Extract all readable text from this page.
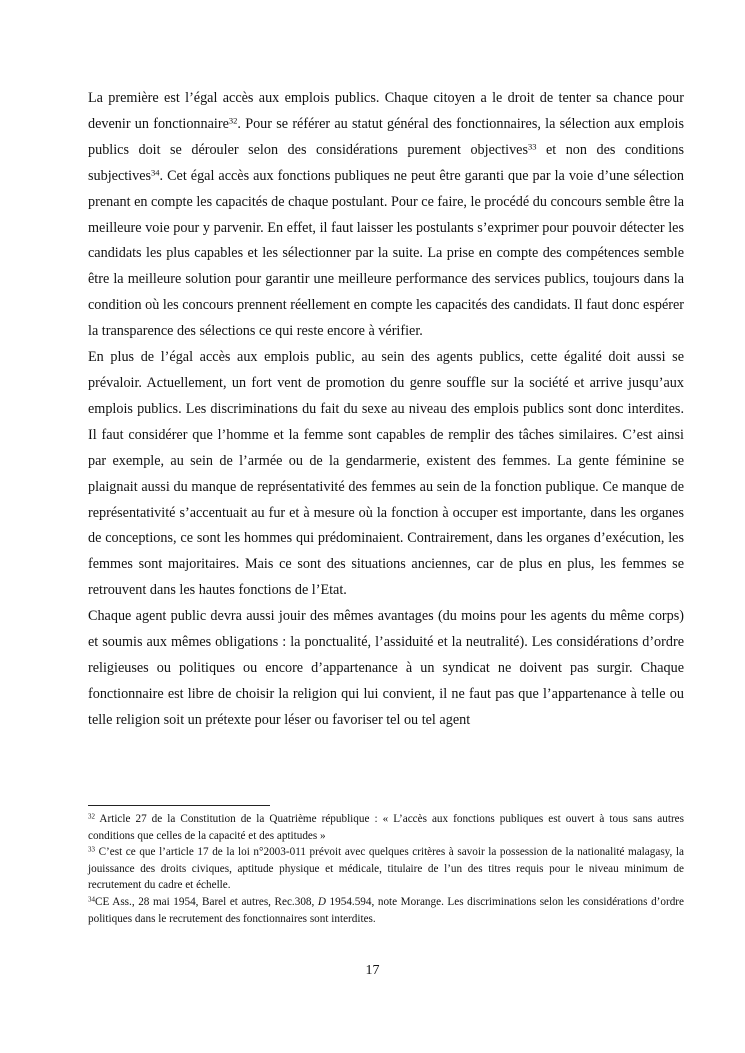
La première est l’égal accès aux emplois publics. Chaque citoyen a le droit de tenter sa chance pour devenir un fonctionnaire$^{32}$. Pour se référer au statut général des fonctionnaires, la sélection aux emplois publics doit se dérouler selon des considérations purement objectives$^{33}$ et non des conditions subjectives$^{34}$. Cet égal accès aux fonctions publiques ne peut être garanti que par la voie d’une sélection prenant en compte les capacités de chaque postulant. Pour ce faire, le procédé du concours semble être la meilleure voie pour y parvenir. En effet, il faut laisser les postulants s’exprimer pour pouvoir détecter les candidats les plus capables et les sélectionner par la suite. La prise en compte des compétences semble être la meilleure solution pour garantir une meilleure performance des services publics, toujours dans la condition où les concours prennent réellement en compte les capacités des candidats. Il faut donc espérer la transparence des sélections ce qui reste encore à vérifier.

En plus de l’égal accès aux emplois public, au sein des agents publics, cette égalité doit aussi se prévaloir. Actuellement, un fort vent de promotion du genre souffle sur la société et arrive jusqu’aux emplois publics. Les discriminations du fait du sexe au niveau des emplois publics sont donc interdites. Il faut considérer que l’homme et la femme sont capables de remplir des tâches similaires. C’est ainsi par exemple, au sein de l’armée ou de la gendarmerie, existent des femmes. La gente féminine se plaignait aussi du manque de représentativité des femmes au sein de la fonction publique. Ce manque de représentativité s’accentuait au fur et à mesure où la fonction à occuper est importante, dans les organes de conceptions, ce sont les hommes qui prédominaient. Contrairement, dans les organes d’exécution, les femmes sont majoritaires. Mais ce sont des situations anciennes, car de plus en plus, les femmes se retrouvent dans les hautes fonctions de l’Etat.

Chaque agent public devra aussi jouir des mêmes avantages (du moins pour les agents du même corps) et soumis aux mêmes obligations : la ponctualité, l’assiduité et la neutralité). Les considérations d’ordre religieuses ou politiques ou encore d’appartenance à un syndicat ne doivent pas surgir. Chaque fonctionnaire est libre de choisir la religion qui lui convient, il ne faut pas que l’appartenance à telle ou telle religion soit un prétexte pour léser ou favoriser tel ou tel agent

$^{32}$ Article 27 de la Constitution de la Quatrième république : « L’accès aux fonctions publiques est ouvert à tous sans autres conditions que celles de la capacité et des aptitudes »

$^{33}$ C’est ce que l’article 17 de la loi n°2003-011 prévoit avec quelques critères à savoir la possession de la nationalité malagasy, la jouissance des droits civiques, aptitude physique et médicale, titulaire de l’un des titres requis pour le niveau minimum de recrutement du cadre et échelle.

$^{34}$CE Ass., 28 mai 1954, Barel et autres, Rec.308, D 1954.594, note Morange. Les discriminations selon les considérations d’ordre politiques dans le recrutement des fonctionnaires sont interdites.

17
